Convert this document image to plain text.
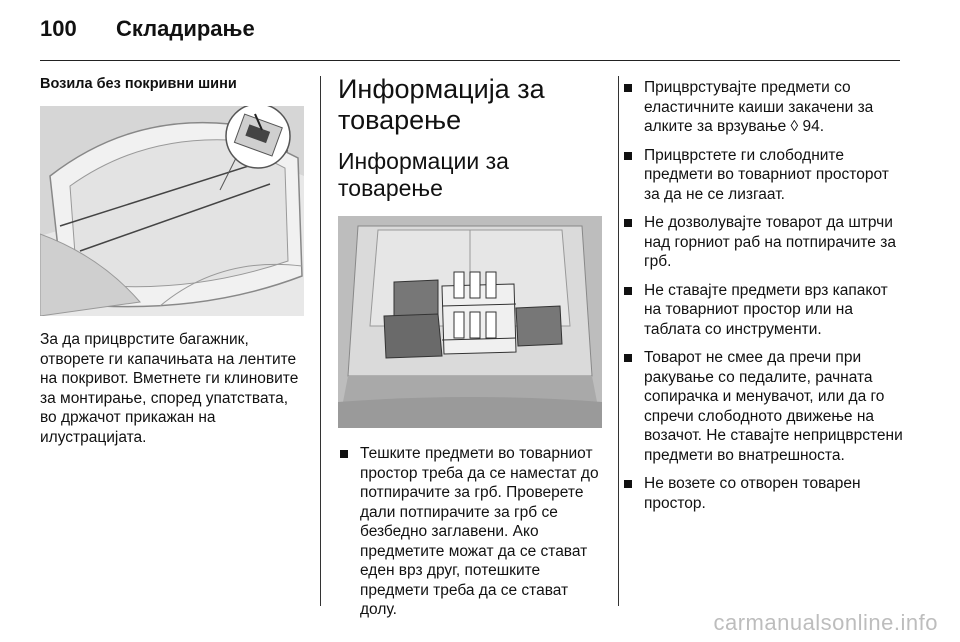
100 Складирање
Возила без покривни шини

За да прицврстите багажник, отворете ги капачињата на лентите на покривот. Вметнете ги клиновите за монтирање, според упатствата, во држачот прикажан на илустрацијата.

Информација за товарење
Информации за товарење
Тешките предмети во товарниот простор треба да се наместат до потпирачите за грб. Проверете дали потпирачите за грб се безбедно заглавени. Ако предметите можат да се стават еден врз друг, потешките предмети треба да се стават долу.
Прицврстувајте предмети со еластичните каиши закачени за алките за врзување ◊ 94.
Прицврстете ги слободните предмети во товарниот просторот за да не се лизгаат.
Не дозволувајте товарот да штрчи над горниот раб на потпирачите за грб.
Не ставајте предмети врз капакот на товарниот простор или на таблата со инструменти.
Товарот не смее да пречи при ракување со педалите, рачната сопирачка и менувачот, или да го спречи слободното движење на возачот. Не ставајте неприцврстени предмети во внатрешноста.
Не возете со отворен товарен простор.
carmanualsonline.info
